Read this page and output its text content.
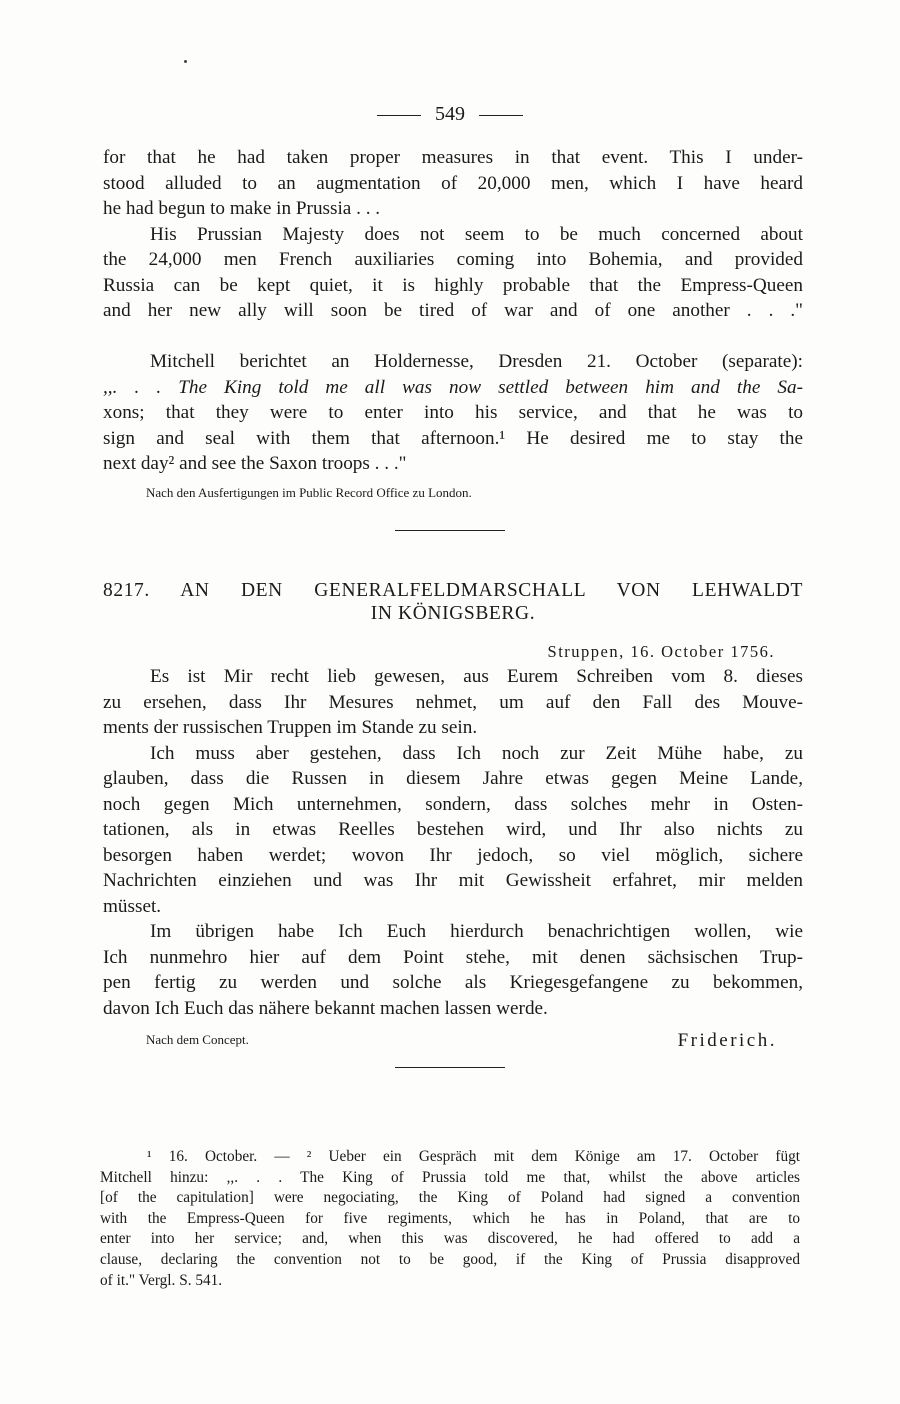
549
for that he had taken proper measures in that event. This I under-
stood alluded to an augmentation of 20,000 men, which I have heard
he had begun to make in Prussia . . .
His Prussian Majesty does not seem to be much concerned about
the 24,000 men French auxiliaries coming into Bohemia, and provided
Russia can be kept quiet, it is highly probable that the Empress-Queen
and her new ally will soon be tired of war and of one another . . ."
Mitchell berichtet an Holdernesse, Dresden 21. October (separate):
,,. . . The King told me all was now settled between him and the Sa-
xons; that they were to enter into his service, and that he was to
sign and seal with them that afternoon.¹ He desired me to stay the
next day² and see the Saxon troops . . ."
Nach den Ausfertigungen im Public Record Office zu London.
8217. AN DEN GENERALFELDMARSCHALL VON LEHWALDT
IN KÖNIGSBERG.
Struppen, 16. October 1756.
Es ist Mir recht lieb gewesen, aus Eurem Schreiben vom 8. dieses
zu ersehen, dass Ihr Mesures nehmet, um auf den Fall des Mouve-
ments der russischen Truppen im Stande zu sein.
Ich muss aber gestehen, dass Ich noch zur Zeit Mühe habe, zu
glauben, dass die Russen in diesem Jahre etwas gegen Meine Lande,
noch gegen Mich unternehmen, sondern, dass solches mehr in Osten-
tationen, als in etwas Reelles bestehen wird, und Ihr also nichts zu
besorgen haben werdet; wovon Ihr jedoch, so viel möglich, sichere
Nachrichten einziehen und was Ihr mit Gewissheit erfahret, mir melden
müsset.
Im übrigen habe Ich Euch hierdurch benachrichtigen wollen, wie
Ich nunmehro hier auf dem Point stehe, mit denen sächsischen Trup-
pen fertig zu werden und solche als Kriegesgefangene zu bekommen,
davon Ich Euch das nähere bekannt machen lassen werde.
Nach dem Concept.	Friderich.
¹ 16. October. — ² Ueber ein Gespräch mit dem Könige am 17. October fügt
Mitchell hinzu: ,,. . . The King of Prussia told me that, whilst the above articles
[of the capitulation] were negociating, the King of Poland had signed a convention
with the Empress-Queen for five regiments, which he has in Poland, that are to
enter into her service; and, when this was discovered, he had offered to add a
clause, declaring the convention not to be good, if the King of Prussia disapproved
of it." Vergl. S. 541.
